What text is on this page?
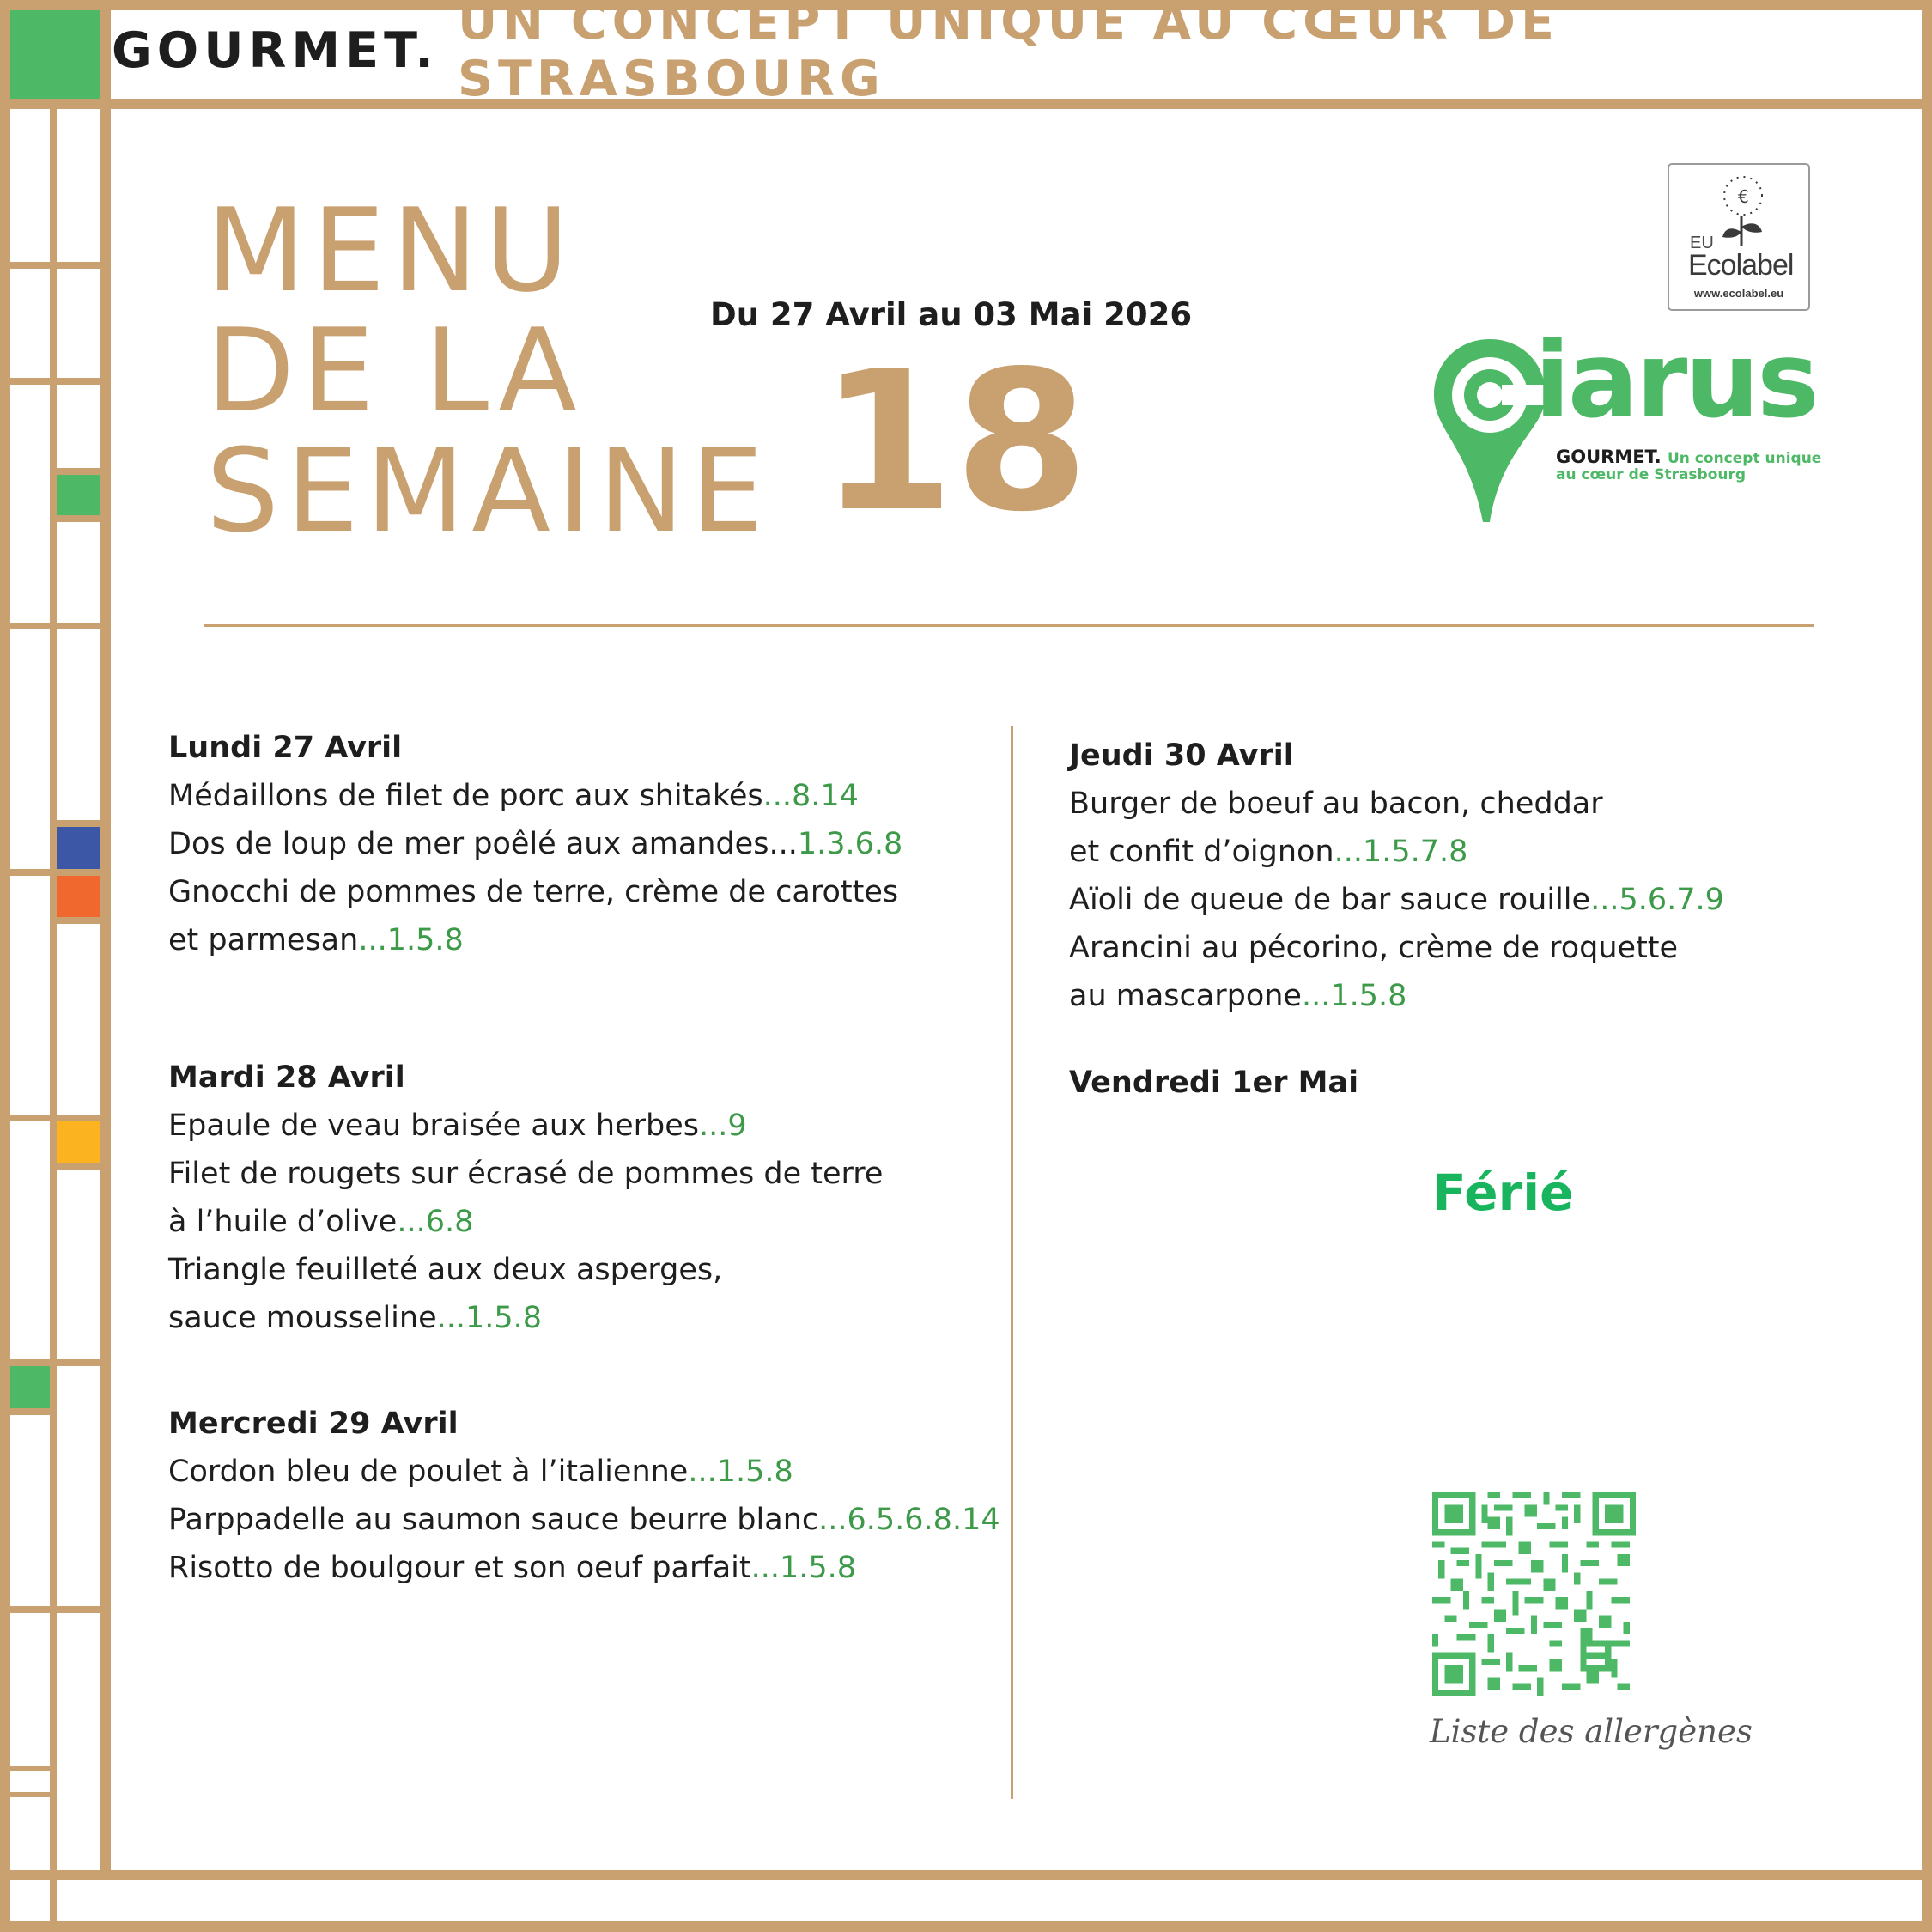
GOURMET. UN CONCEPT UNIQUE AU CŒUR DE STRASBOURG
MENU
DE LA
SEMAINE
Du 27 Avril au 03 Mai 2026
18
€
EU
Ecolabel
www.ecolabel.eu
iarus
GOURMET. Un concept unique
au cœur de Strasbourg
Lundi 27 Avril
Médaillons de filet de porc aux shitakés...8.14
Dos de loup de mer poêlé aux amandes...1.3.6.8
Gnocchi de pommes de terre, crème de carottes
et parmesan...1.5.8
Mardi 28 Avril
Epaule de veau braisée aux herbes...9
Filet de rougets sur écrasé de pommes de terre
à l’huile d’olive...6.8
Triangle feuilleté aux deux asperges,
sauce mousseline...1.5.8
Mercredi 29 Avril
Cordon bleu de poulet à l’italienne...1.5.8
Parppadelle au saumon sauce beurre blanc...6.5.6.8.14
Risotto de boulgour et son oeuf parfait...1.5.8
Jeudi 30 Avril
Burger de boeuf au bacon, cheddar
et confit d’oignon...1.5.7.8
Aïoli de queue de bar sauce rouille...5.6.7.9
Arancini au pécorino, crème de roquette
au mascarpone...1.5.8
Vendredi 1er Mai
Férié
Liste des allergènes
